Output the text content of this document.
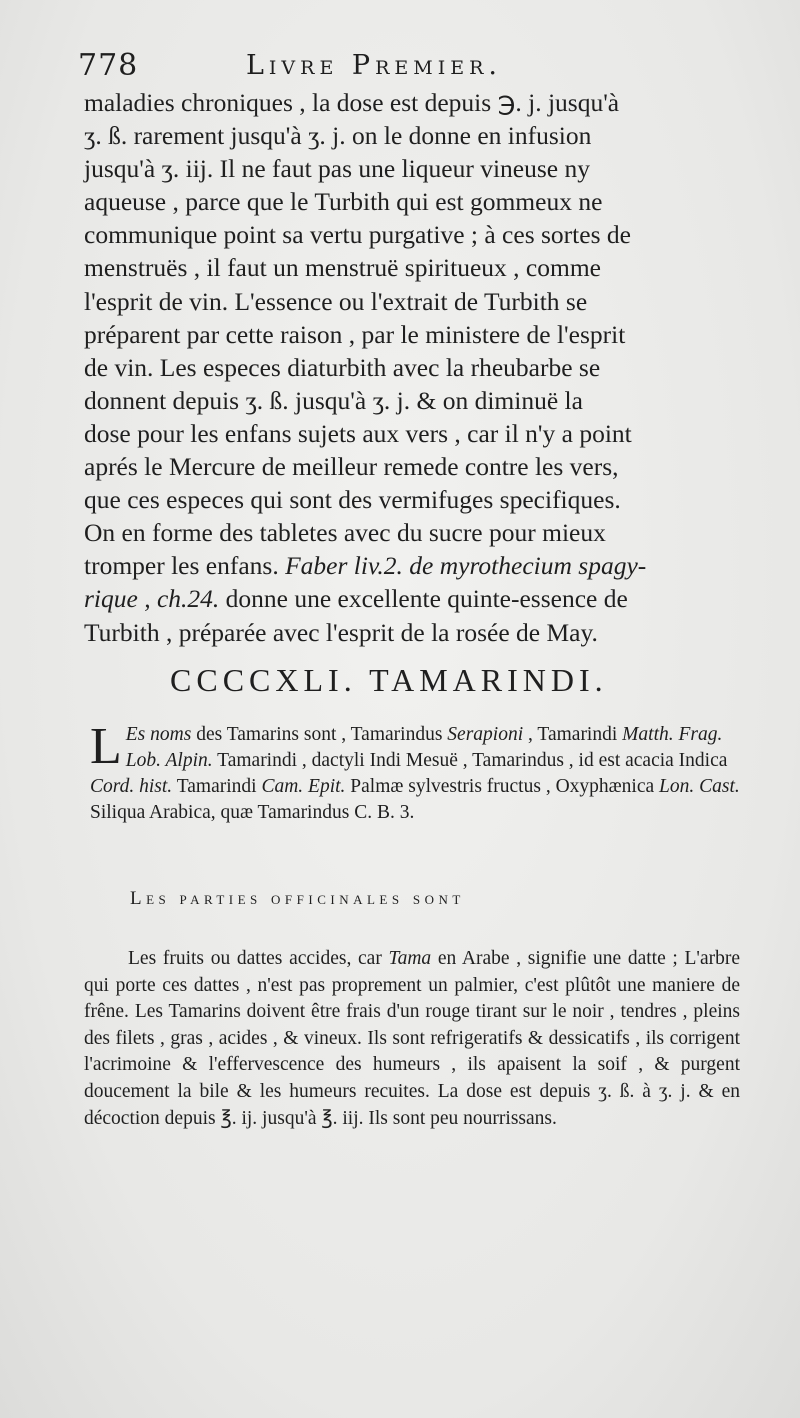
778	Livre Premier.
maladies chroniques , la dose est depuis ℈. j. jusqu'à
ʒ. ß. rarement jusqu'à ʒ. j. on le donne en infusion
jusqu'à ʒ. iij. Il ne faut pas une liqueur vineuse ny
aqueuse , parce que le Turbith qui est gommeux ne
communique point sa vertu purgative ; à ces sortes de
menstruës , il faut un menstruë spiritueux , comme
l'esprit de vin. L'essence ou l'extrait de Turbith se
préparent par cette raison , par le ministere de l'esprit
de vin. Les especes diaturbith avec la rheubarbe se
donnent depuis ʒ. ß. jusqu'à ʒ. j. & on diminuë la
dose pour les enfans sujets aux vers , car il n'y a point
aprés le Mercure de meilleur remede contre les vers,
que ces especes qui sont des vermifuges specifiques.
On en forme des tabletes avec du sucre pour mieux
tromper les enfans. Faber liv.2. de myrothecium spagy-
rique , ch.24. donne une excellente quinte-essence de
Turbith , préparée avec l'esprit de la rosée de May.
CCCCXLI. TAMARINDI.
L Es noms des Tamarins sont , Tamarindus Serapioni , Tamarindi Matth. Frag. Lob. Alpin. Tamarindi , dactyli Indi Mesuë , Tamarindus , id est acacia Indica Cord. hist. Tamarindi Cam. Epit. Palmæ sylvestris fructus , Oxyphænica Lon. Cast. Siliqua Arabica, quæ Tamarindus C. B. 3.
Les parties officinales sont

Les fruits ou dattes accides, car Tama en Arabe , signifie une datte ; L'arbre qui porte ces dattes , n'est pas proprement un palmier, c'est plûtôt une maniere de frêne. Les Tamarins doivent être frais d'un rouge tirant sur le noir , tendres , pleins des filets , gras , acides , & vineux. Ils sont refrigeratifs & dessicatifs , ils corrigent l'acrimoine & l'effervescence des humeurs , ils apaisent la soif , & purgent doucement la bile & les humeurs recuites. La dose est depuis ʒ. ß. à ʒ. j. & en décoction depuis ℥. ij. jusqu'à ℥. iij. Ils sont peu nourrissans.
